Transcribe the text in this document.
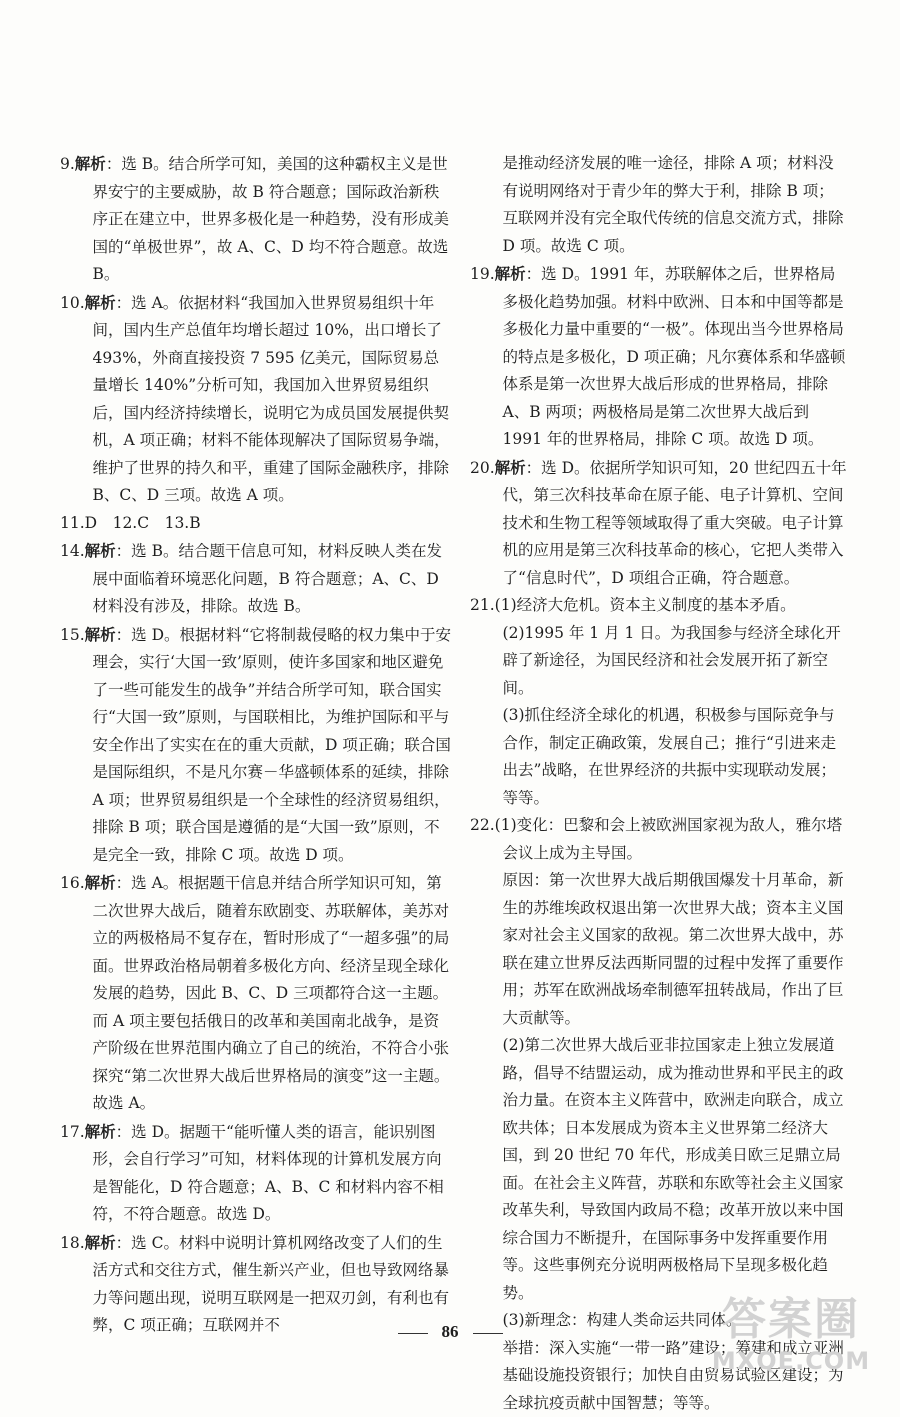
9.解析：选 B。结合所学可知，美国的这种霸权主义是世界安宁的主要威胁，故 B 符合题意；国际政治新秩序正在建立中，世界多极化是一种趋势，没有形成美国的“单极世界”，故 A、C、D 均不符合题意。故选 B。
10.解析：选 A。依据材料“我国加入世界贸易组织十年间，国内生产总值年均增长超过 10%，出口增长了 493%，外商直接投资 7 595 亿美元，国际贸易总量增长 140%”分析可知，我国加入世界贸易组织后，国内经济持续增长，说明它为成员国发展提供契机，A 项正确；材料不能体现解决了国际贸易争端，维护了世界的持久和平，重建了国际金融秩序，排除 B、C、D 三项。故选 A 项。
11.D　12.C　13.B
14.解析：选 B。结合题干信息可知，材料反映人类在发展中面临着环境恶化问题，B 符合题意；A、C、D 材料没有涉及，排除。故选 B。
15.解析：选 D。根据材料“它将制裁侵略的权力集中于安理会，实行‘大国一致’原则，使许多国家和地区避免了一些可能发生的战争”并结合所学可知，联合国实行“大国一致”原则，与国联相比，为维护国际和平与安全作出了实实在在的重大贡献，D 项正确；联合国是国际组织，不是凡尔赛－华盛顿体系的延续，排除 A 项；世界贸易组织是一个全球性的经济贸易组织，排除 B 项；联合国是遵循的是“大国一致”原则，不是完全一致，排除 C 项。故选 D 项。
16.解析：选 A。根据题干信息并结合所学知识可知，第二次世界大战后，随着东欧剧变、苏联解体，美苏对立的两极格局不复存在，暂时形成了“一超多强”的局面。世界政治格局朝着多极化方向、经济呈现全球化发展的趋势，因此 B、C、D 三项都符合这一主题。而 A 项主要包括俄日的改革和美国南北战争，是资产阶级在世界范围内确立了自己的统治，不符合小张探究“第二次世界大战后世界格局的演变”这一主题。故选 A。
17.解析：选 D。据题干“能听懂人类的语言，能识别图形，会自行学习”可知，材料体现的计算机发展方向是智能化，D 符合题意；A、B、C 和材料内容不相符，不符合题意。故选 D。
18.解析：选 C。材料中说明计算机网络改变了人们的生活方式和交往方式，催生新兴产业，但也导致网络暴力等问题出现，说明互联网是一把双刃剑，有利也有弊，C 项正确；互联网并不
是推动经济发展的唯一途径，排除 A 项；材料没有说明网络对于青少年的弊大于利，排除 B 项；互联网并没有完全取代传统的信息交流方式，排除 D 项。故选 C 项。
19.解析：选 D。1991 年，苏联解体之后，世界格局多极化趋势加强。材料中欧洲、日本和中国等都是多极化力量中重要的“一极”。体现出当今世界格局的特点是多极化，D 项正确；凡尔赛体系和华盛顿体系是第一次世界大战后形成的世界格局，排除 A、B 两项；两极格局是第二次世界大战后到 1991 年的世界格局，排除 C 项。故选 D 项。
20.解析：选 D。依据所学知识可知，20 世纪四五十年代，第三次科技革命在原子能、电子计算机、空间技术和生物工程等领域取得了重大突破。电子计算机的应用是第三次科技革命的核心，它把人类带入了“信息时代”，D 项组合正确，符合题意。
21.(1)经济大危机。资本主义制度的基本矛盾。
(2)1995 年 1 月 1 日。为我国参与经济全球化开辟了新途径，为国民经济和社会发展开拓了新空间。
(3)抓住经济全球化的机遇，积极参与国际竞争与合作，制定正确政策，发展自己；推行“引进来走出去”战略，在世界经济的共振中实现联动发展；等等。
22.(1)变化：巴黎和会上被欧洲国家视为敌人，雅尔塔会议上成为主导国。
原因：第一次世界大战后期俄国爆发十月革命，新生的苏维埃政权退出第一次世界大战；资本主义国家对社会主义国家的敌视。第二次世界大战中，苏联在建立世界反法西斯同盟的过程中发挥了重要作用；苏军在欧洲战场牵制德军扭转战局，作出了巨大贡献等。
(2)第二次世界大战后亚非拉国家走上独立发展道路，倡导不结盟运动，成为推动世界和平民主的政治力量。在资本主义阵营中，欧洲走向联合，成立欧共体；日本发展成为资本主义世界第二经济大国，到 20 世纪 70 年代，形成美日欧三足鼎立局面。在社会主义阵营，苏联和东欧等社会主义国家改革失利，导致国内政局不稳；改革开放以来中国综合国力不断提升，在国际事务中发挥重要作用等。这些事例充分说明两极格局下呈现多极化趋势。
(3)新理念：构建人类命运共同体。
举措：深入实施“一带一路”建设；筹建和成立亚洲基础设施投资银行；加快自由贸易试验区建设；为全球抗疫贡献中国智慧；等等。
86	答案圈
MXQE.COM
